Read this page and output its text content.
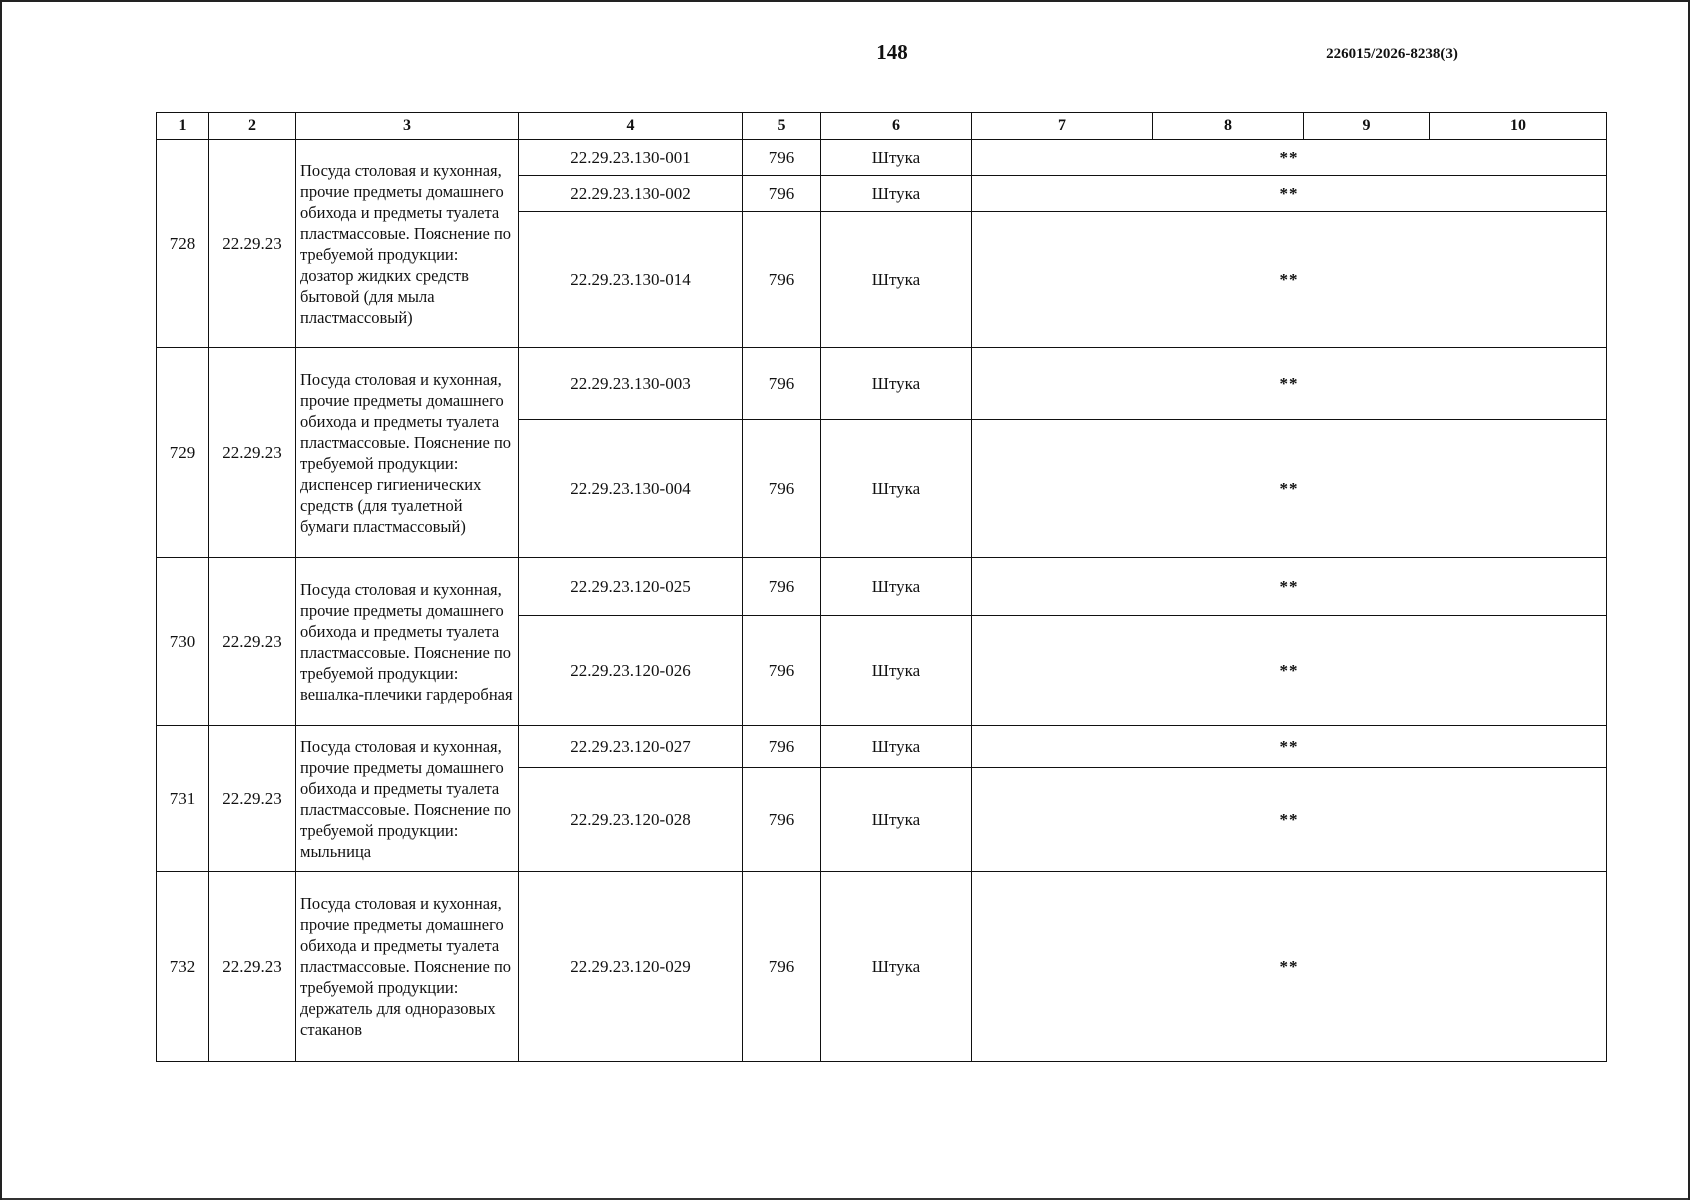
148	226015/2026-8238(3)
1	2	3	4	5	6	7	8	9	10
728	22.29.23	Посуда столовая и кухонная, прочие предметы домашнего обихода и предметы туалета пластмассовые. Пояснение по требуемой продукции: дозатор жидких средств бытовой (для мыла пластмассовый)	22.29.23.130-001	796	Штука	**			
			22.29.23.130-002	796	Штука	**			
			22.29.23.130-014	796	Штука	**			
729	22.29.23	Посуда столовая и кухонная, прочие предметы домашнего обихода и предметы туалета пластмассовые. Пояснение по требуемой продукции: диспенсер гигиенических средств (для туалетной бумаги пластмассовый)	22.29.23.130-003	796	Штука	**			
			22.29.23.130-004	796	Штука	**			
730	22.29.23	Посуда столовая и кухонная, прочие предметы домашнего обихода и предметы туалета пластмассовые. Пояснение по требуемой продукции: вешалка-плечики гардеробная	22.29.23.120-025	796	Штука	**			
			22.29.23.120-026	796	Штука	**			
731	22.29.23	Посуда столовая и кухонная, прочие предметы домашнего обихода и предметы туалета пластмассовые. Пояснение по требуемой продукции: мыльница	22.29.23.120-027	796	Штука	**			
			22.29.23.120-028	796	Штука	**			
732	22.29.23	Посуда столовая и кухонная, прочие предметы домашнего обихода и предметы туалета пластмассовые. Пояснение по требуемой продукции: держатель для одноразовых стаканов	22.29.23.120-029	796	Штука	**			
